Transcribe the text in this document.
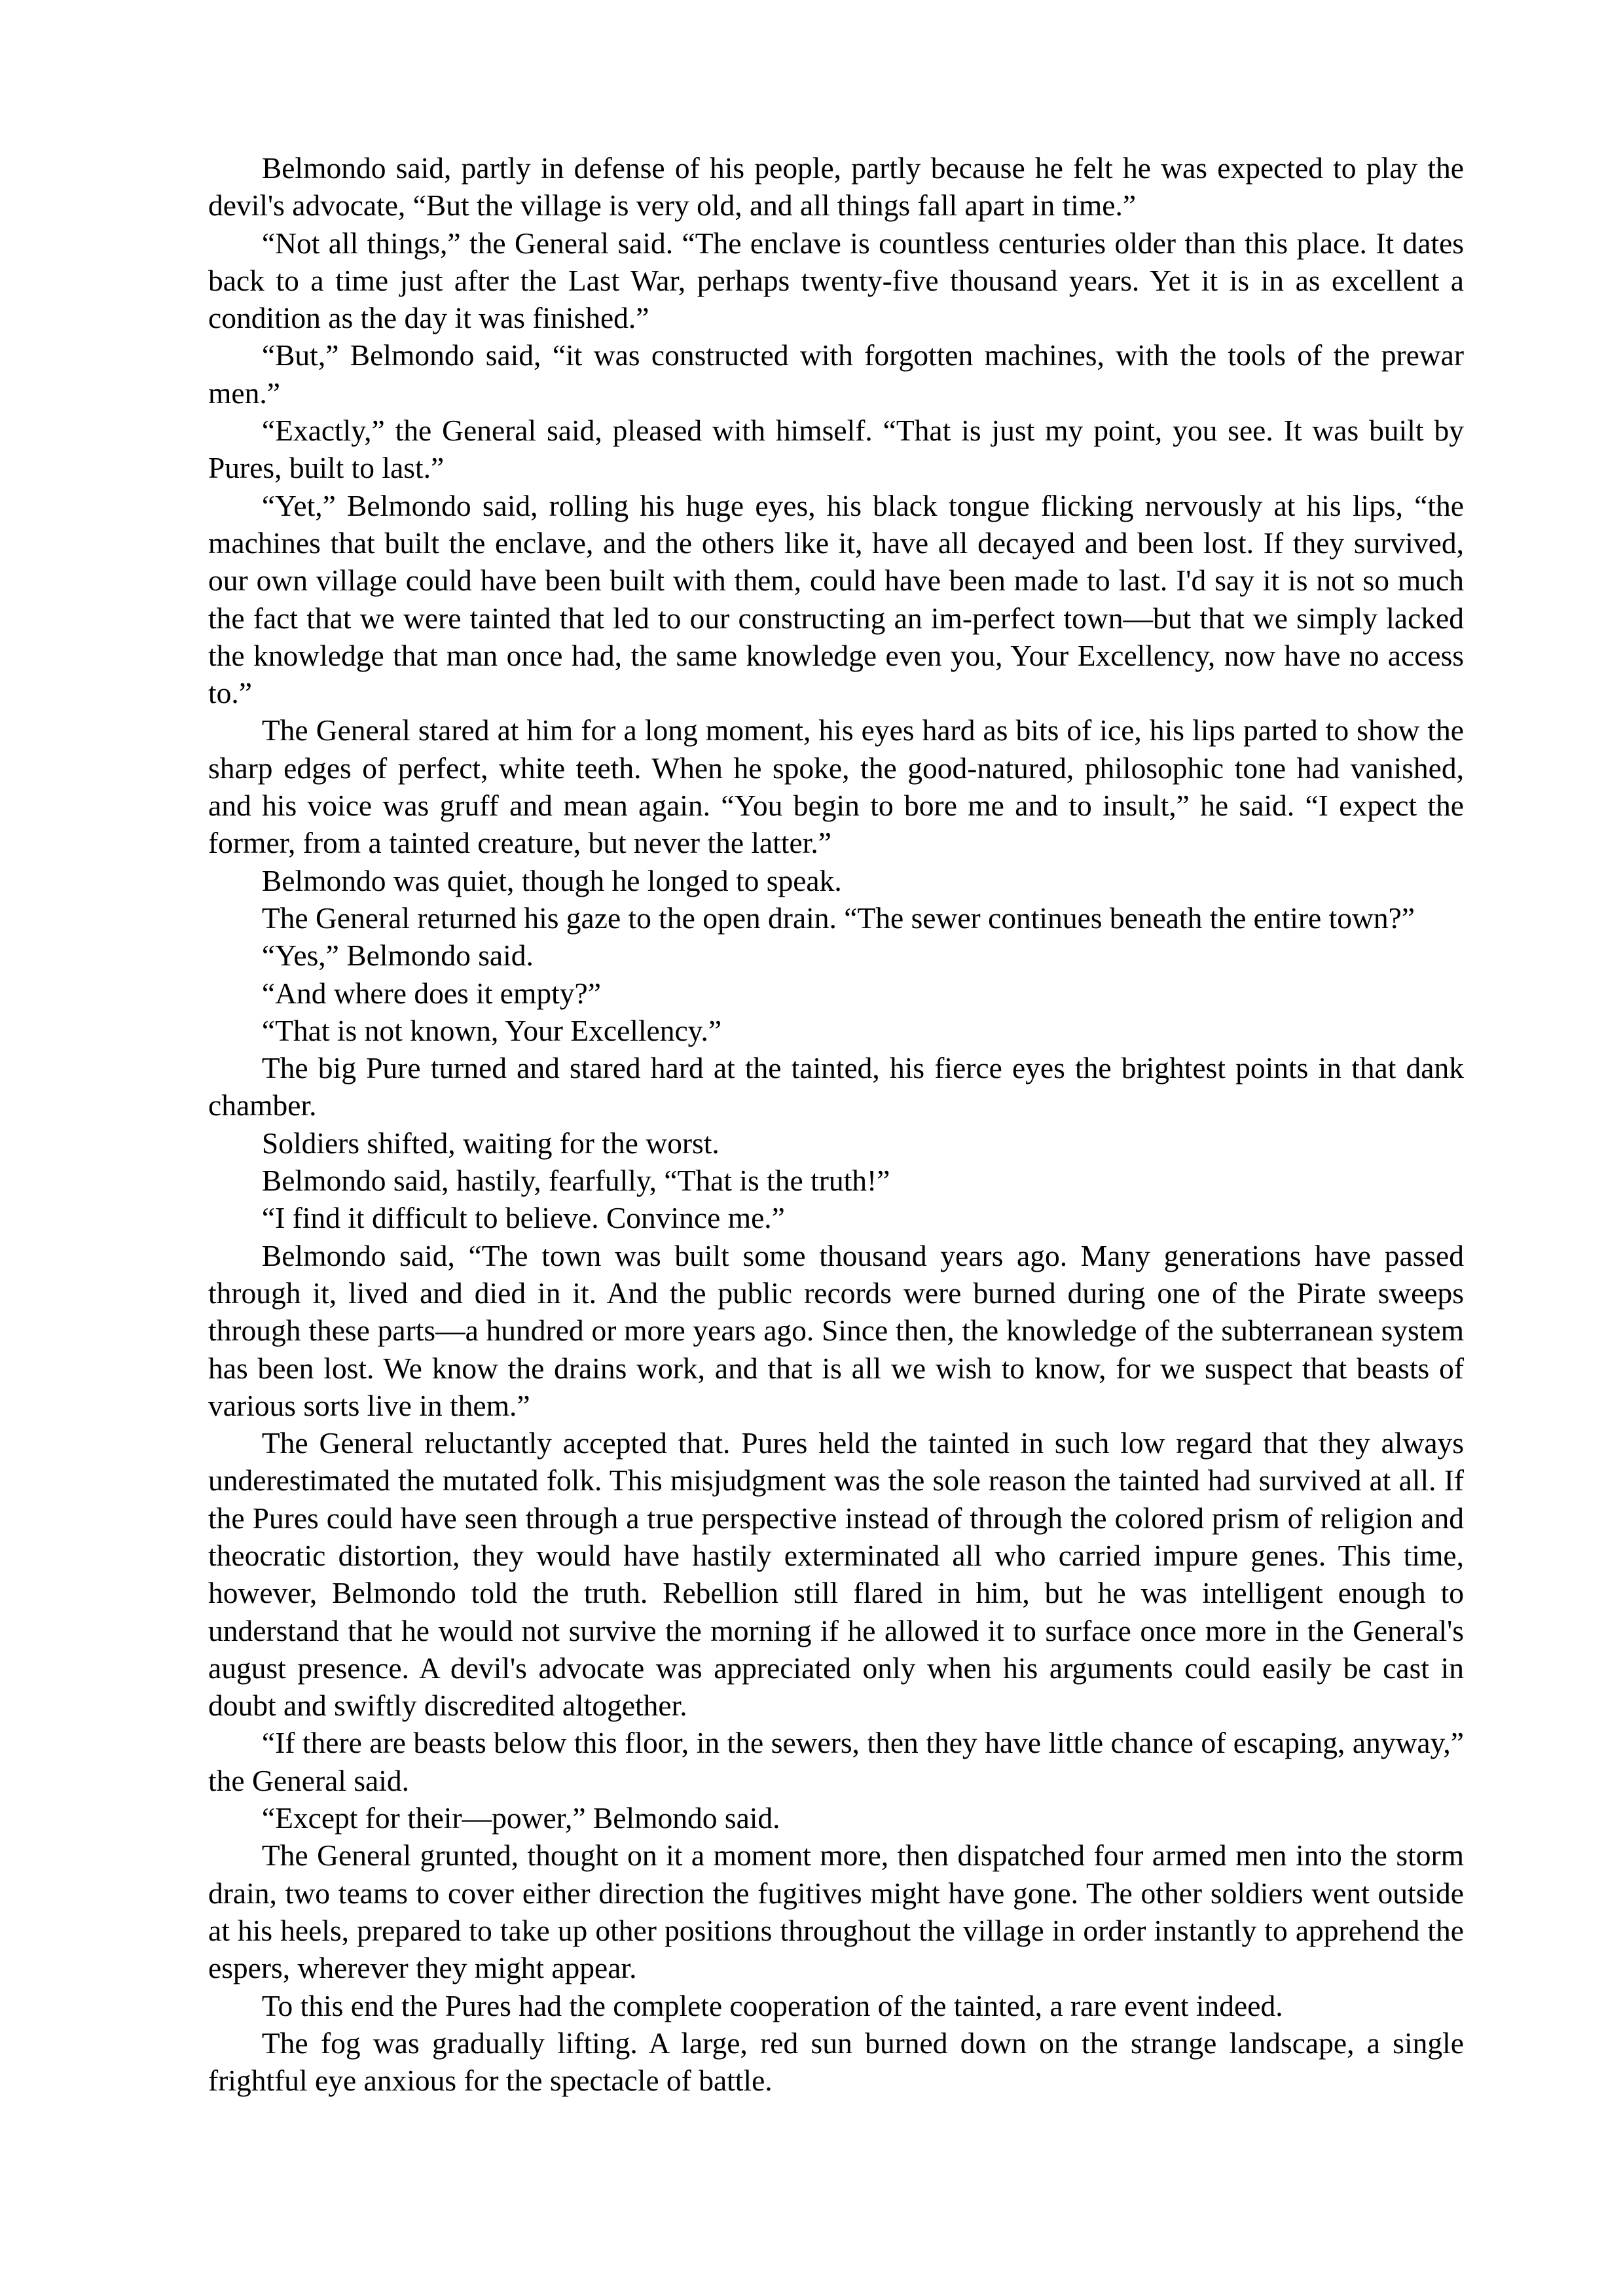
Belmondo said, partly in defense of his people, partly because he felt he was expected to play the devil's advocate, “But the village is very old, and all things fall apart in time.”

“Not all things,” the General said. “The enclave is countless centuries older than this place. It dates back to a time just after the Last War, perhaps twenty-five thousand years. Yet it is in as excellent a condition as the day it was finished.”

“But,” Belmondo said, “it was constructed with forgotten machines, with the tools of the prewar men.”

“Exactly,” the General said, pleased with himself. “That is just my point, you see. It was built by Pures, built to last.”

“Yet,” Belmondo said, rolling his huge eyes, his black tongue flicking nervously at his lips, “the machines that built the enclave, and the others like it, have all decayed and been lost. If they survived, our own village could have been built with them, could have been made to last. I'd say it is not so much the fact that we were tainted that led to our constructing an im-perfect town—but that we simply lacked the knowledge that man once had, the same knowledge even you, Your Excellency, now have no access to.”

The General stared at him for a long moment, his eyes hard as bits of ice, his lips parted to show the sharp edges of perfect, white teeth. When he spoke, the good-natured, philosophic tone had vanished, and his voice was gruff and mean again. “You begin to bore me and to insult,” he said. “I expect the former, from a tainted creature, but never the latter.”

Belmondo was quiet, though he longed to speak.

The General returned his gaze to the open drain. “The sewer continues beneath the entire town?”

“Yes,” Belmondo said.

“And where does it empty?”

“That is not known, Your Excellency.”

The big Pure turned and stared hard at the tainted, his fierce eyes the brightest points in that dank chamber.

Soldiers shifted, waiting for the worst.

Belmondo said, hastily, fearfully, “That is the truth!”

“I find it difficult to believe. Convince me.”

Belmondo said, “The town was built some thousand years ago. Many generations have passed through it, lived and died in it. And the public records were burned during one of the Pirate sweeps through these parts—a hundred or more years ago. Since then, the knowledge of the subterranean system has been lost. We know the drains work, and that is all we wish to know, for we suspect that beasts of various sorts live in them.”

The General reluctantly accepted that. Pures held the tainted in such low regard that they always underestimated the mutated folk. This misjudgment was the sole reason the tainted had survived at all. If the Pures could have seen through a true perspective instead of through the colored prism of religion and theocratic distortion, they would have hastily exterminated all who carried impure genes. This time, however, Belmondo told the truth. Rebellion still flared in him, but he was intelligent enough to understand that he would not survive the morning if he allowed it to surface once more in the General's august presence. A devil's advocate was appreciated only when his arguments could easily be cast in doubt and swiftly discredited altogether.

“If there are beasts below this floor, in the sewers, then they have little chance of escaping, anyway,” the General said.

“Except for their—power,” Belmondo said.

The General grunted, thought on it a moment more, then dispatched four armed men into the storm drain, two teams to cover either direction the fugitives might have gone. The other soldiers went outside at his heels, prepared to take up other positions throughout the village in order instantly to apprehend the espers, wherever they might appear.

To this end the Pures had the complete cooperation of the tainted, a rare event indeed.

The fog was gradually lifting. A large, red sun burned down on the strange landscape, a single frightful eye anxious for the spectacle of battle.
